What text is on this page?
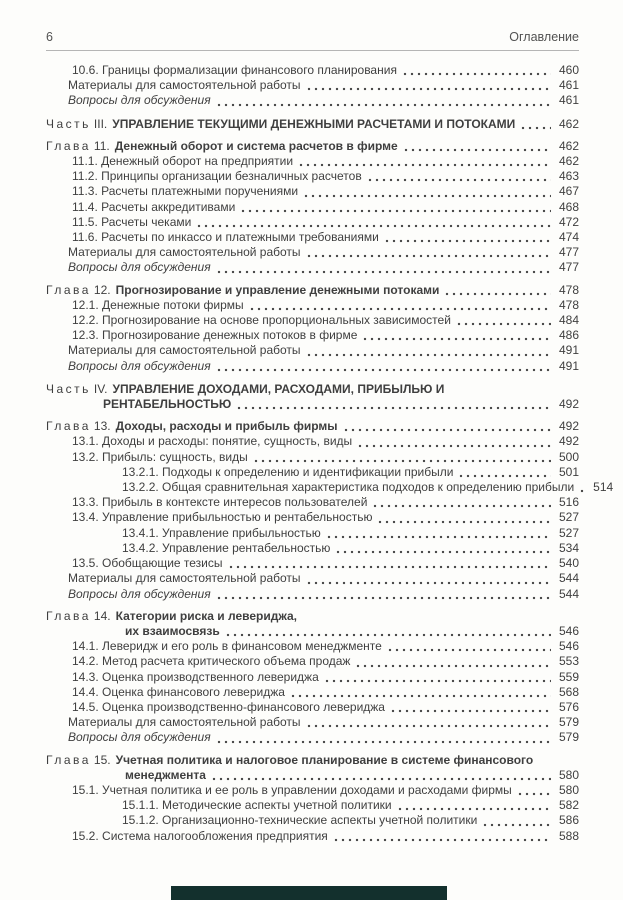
6	Оглавление
10.6. Границы формализации финансового планирования	460
Материалы для самостоятельной работы	461
Вопросы для обсуждения	461
Часть III. УПРАВЛЕНИЕ ТЕКУЩИМИ ДЕНЕЖНЫМИ РАСЧЕТАМИ И ПОТОКАМИ	462
Глава 11. Денежный оборот и система расчетов в фирме	462
11.1. Денежный оборот на предприятии	462
11.2. Принципы организации безналичных расчетов	463
11.3. Расчеты платежными поручениями	467
11.4. Расчеты аккредитивами	468
11.5. Расчеты чеками	472
11.6. Расчеты по инкассо и платежными требованиями	474
Материалы для самостоятельной работы	477
Вопросы для обсуждения	477
Глава 12. Прогнозирование и управление денежными потоками	478
12.1. Денежные потоки фирмы	478
12.2. Прогнозирование на основе пропорциональных зависимостей	484
12.3. Прогнозирование денежных потоков в фирме	486
Материалы для самостоятельной работы	491
Вопросы для обсуждения	491
Часть IV. УПРАВЛЕНИЕ ДОХОДАМИ, РАСХОДАМИ, ПРИБЫЛЬЮ И
РЕНТАБЕЛЬНОСТЬЮ	492
Глава 13. Доходы, расходы и прибыль фирмы	492
13.1. Доходы и расходы: понятие, сущность, виды	492
13.2. Прибыль: сущность, виды	500
13.2.1. Подходы к определению и идентификации прибыли	501
13.2.2. Общая сравнительная характеристика подходов к определению прибыли	514
13.3. Прибыль в контексте интересов пользователей	516
13.4. Управление прибыльностью и рентабельностью	527
13.4.1. Управление прибыльностью	527
13.4.2. Управление рентабельностью	534
13.5. Обобщающие тезисы	540
Материалы для самостоятельной работы	544
Вопросы для обсуждения	544
Глава 14. Категории риска и левериджа,
их взаимосвязь	546
14.1. Леверидж и его роль в финансовом менеджменте	546
14.2. Метод расчета критического объема продаж	553
14.3. Оценка производственного левериджа	559
14.4. Оценка финансового левериджа	568
14.5. Оценка производственно-финансового левериджа	576
Материалы для самостоятельной работы	579
Вопросы для обсуждения	579
Глава 15. Учетная политика и налоговое планирование в системе финансового
менеджмента	580
15.1. Учетная политика и ее роль в управлении доходами и расходами фирмы	580
15.1.1. Методические аспекты учетной политики	582
15.1.2. Организационно-технические аспекты учетной политики	586
15.2. Система налогообложения предприятия	588
